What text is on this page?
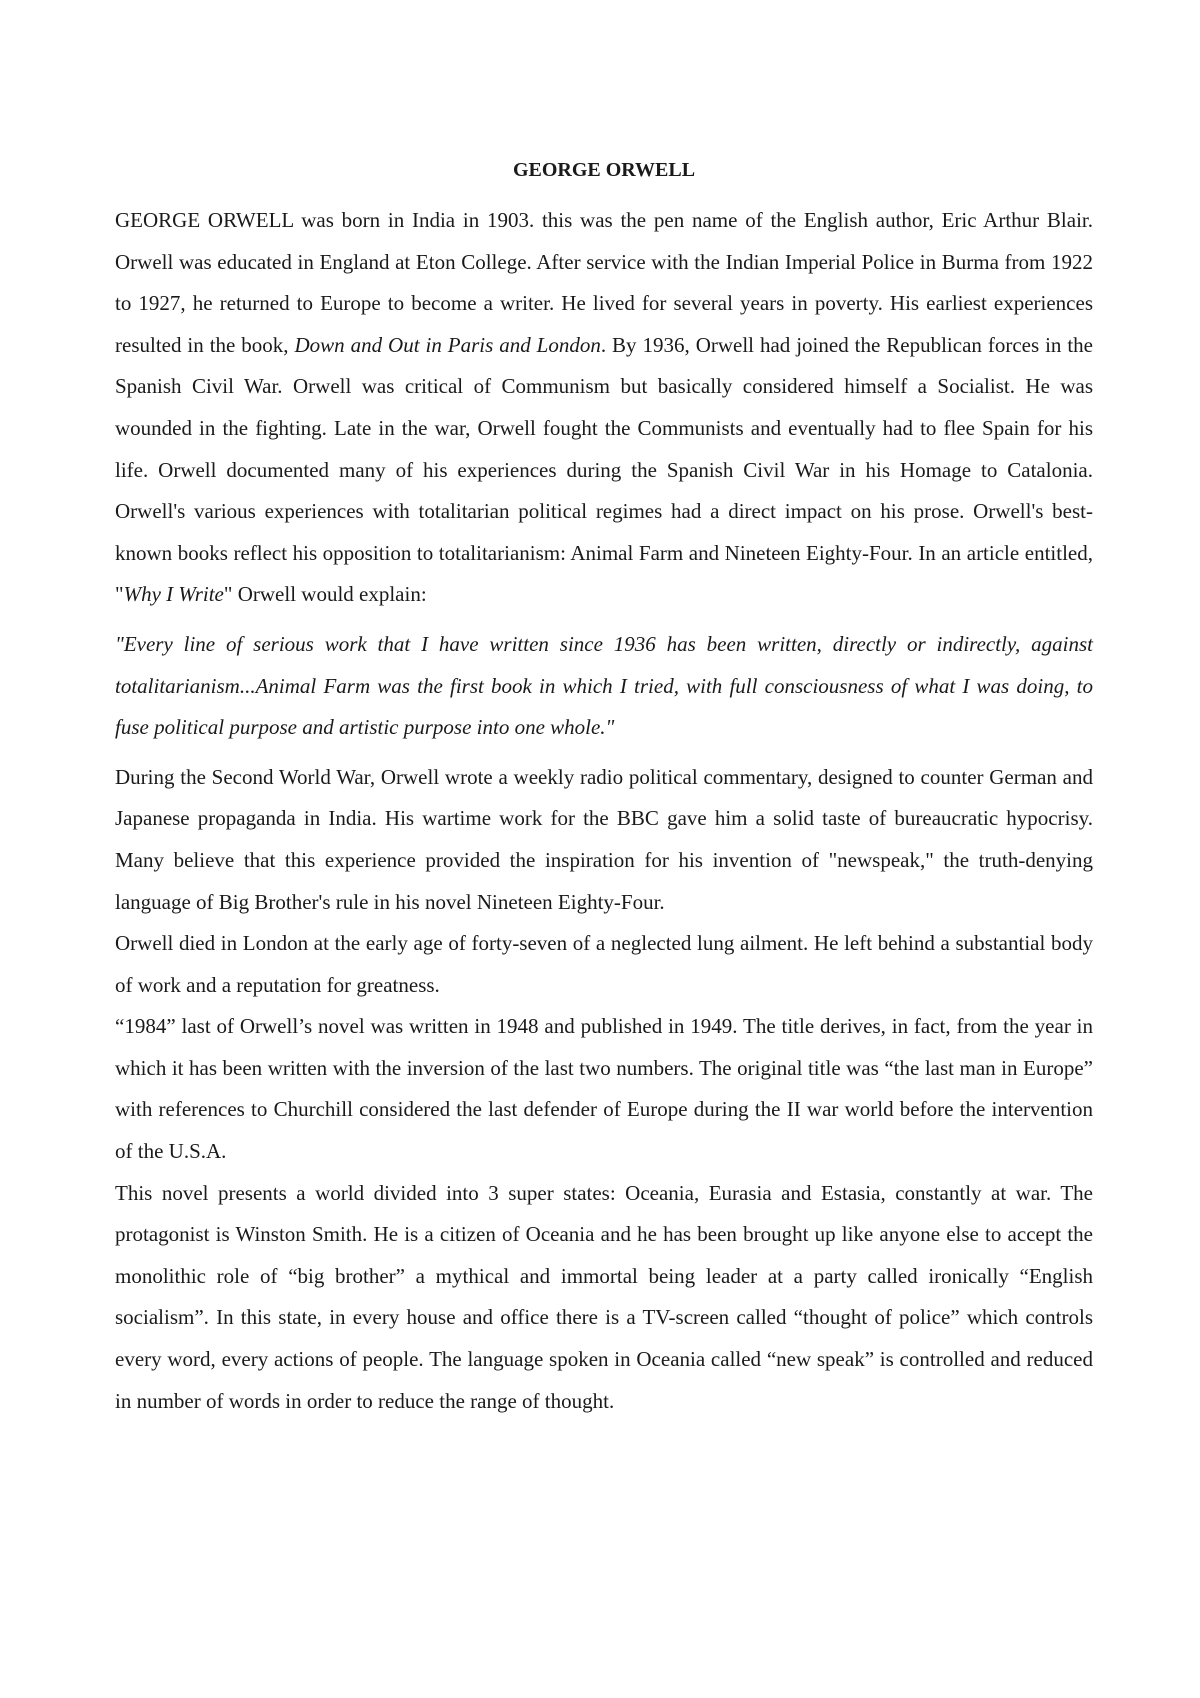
GEORGE ORWELL

GEORGE ORWELL was born in India in 1903. this was the pen name of the English author, Eric Arthur Blair. Orwell was educated in England at Eton College. After service with the Indian Imperial Police in Burma from 1922 to 1927, he returned to Europe to become a writer. He lived for several years in poverty. His earliest experiences resulted in the book, Down and Out in Paris and London. By 1936, Orwell had joined the Republican forces in the Spanish Civil War. Orwell was critical of Communism but basically considered himself a Socialist. He was wounded in the fighting. Late in the war, Orwell fought the Communists and eventually had to flee Spain for his life. Orwell documented many of his experiences during the Spanish Civil War in his Homage to Catalonia. Orwell's various experiences with totalitarian political regimes had a direct impact on his prose. Orwell's best-known books reflect his opposition to totalitarianism: Animal Farm and Nineteen Eighty-Four. In an article entitled, "Why I Write" Orwell would explain:

"Every line of serious work that I have written since 1936 has been written, directly or indirectly, against totalitarianism...Animal Farm was the first book in which I tried, with full consciousness of what I was doing, to fuse political purpose and artistic purpose into one whole."

During the Second World War, Orwell wrote a weekly radio political commentary, designed to counter German and Japanese propaganda in India. His wartime work for the BBC gave him a solid taste of bureaucratic hypocrisy. Many believe that this experience provided the inspiration for his invention of "newspeak," the truth-denying language of Big Brother's rule in his novel Nineteen Eighty-Four.

Orwell died in London at the early age of forty-seven of a neglected lung ailment. He left behind a substantial body of work and a reputation for greatness.

“1984” last of Orwell’s novel was written in 1948 and published in 1949. The title derives, in fact, from the year in which it has been written with the inversion of the last two numbers. The original title was “the last man in Europe” with references to Churchill considered the last defender of Europe during the II war world before the intervention of the U.S.A.

This novel presents a world divided into 3 super states: Oceania, Eurasia and Estasia, constantly at war. The protagonist is Winston Smith. He is a citizen of Oceania and he has been brought up like anyone else to accept the monolithic role of “big brother” a mythical and immortal being leader at a party called ironically “English socialism”. In this state, in every house and office there is a TV-screen called “thought of police” which controls every word, every actions of people. The language spoken in Oceania called “new speak” is controlled and reduced in number of words in order to reduce the range of thought.
